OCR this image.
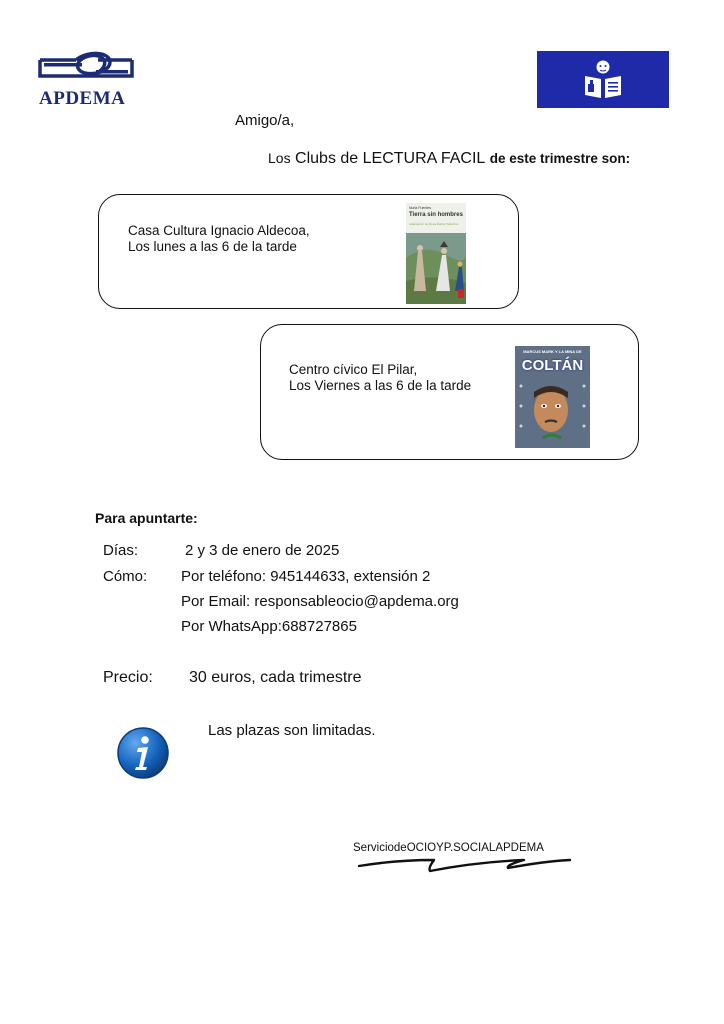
APDEMA
Amigo/a,
Los Clubs de LECTURA FACIL de este trimestre son:
Casa Cultura Ignacio Aldecoa,
Los lunes a las 6 de la tarde
Núria Fuentes
Tierra sin hombres
Adaptación de Rosa Ibáñez Sánchez
Centro cívico El Pilar,
Los Viernes a las 6 de la tarde
MARCUS MARK Y LA MINA DE
COLTÁN
Para apuntarte:
Días:	2 y 3 de enero de 2025
Cómo: Por teléfono: 945144633, extensión 2
Por Email: responsableocio@apdema.org
Por WhatsApp:688727865
Precio: 30 euros, cada trimestre
Las plazas son limitadas.
ServiciodeOCIOYP.SOCIALAPDEMA
